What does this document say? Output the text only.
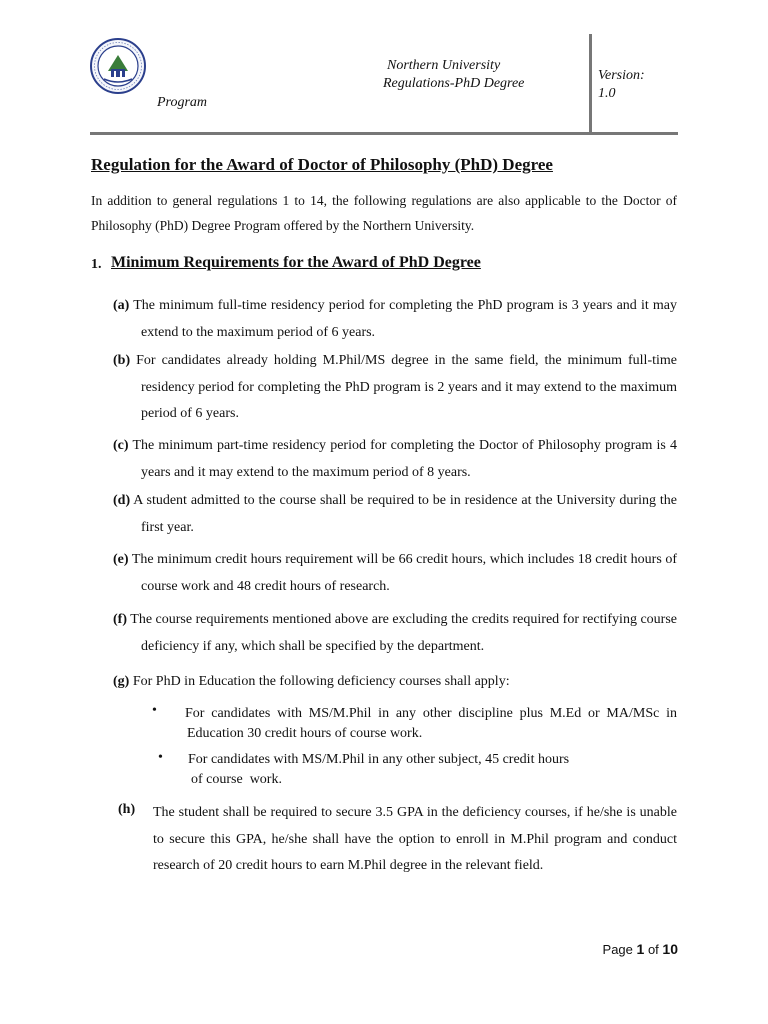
Program
Northern University
Regulations-PhD Degree
Version:
1.0
Regulation for the Award of Doctor of Philosophy (PhD) Degree
In addition to general regulations 1 to 14, the following regulations are also applicable to the Doctor of Philosophy (PhD) Degree Program offered by the Northern University.
1. Minimum Requirements for the Award of PhD Degree
(a) The minimum full-time residency period for completing the PhD program is 3 years and it may extend to the maximum period of 6 years.
(b) For candidates already holding M.Phil/MS degree in the same field, the minimum full-time residency period for completing the PhD program is 2 years and it may extend to the maximum period of 6 years.
(c) The minimum part-time residency period for completing the Doctor of Philosophy program is 4 years and it may extend to the maximum period of 8 years.
(d) A student admitted to the course shall be required to be in residence at the University during the first year.
(e) The minimum credit hours requirement will be 66 credit hours, which includes 18 credit hours of course work and 48 credit hours of research.
(f) The course requirements mentioned above are excluding the credits required for rectifying course deficiency if any, which shall be specified by the department.
(g) For PhD in Education the following deficiency courses shall apply:
• For candidates with MS/M.Phil in any other discipline plus M.Ed or MA/MSc in
Education 30 credit hours of course work.
• For candidates with MS/M.Phil in any other subject, 45 credit hours
of course  work.
(h) The student shall be required to secure 3.5 GPA in the deficiency courses, if he/she is unable to secure this GPA, he/she shall have the option to enroll in M.Phil program and conduct research of 20 credit hours to earn M.Phil degree in the relevant field.
Page 1 of 10
